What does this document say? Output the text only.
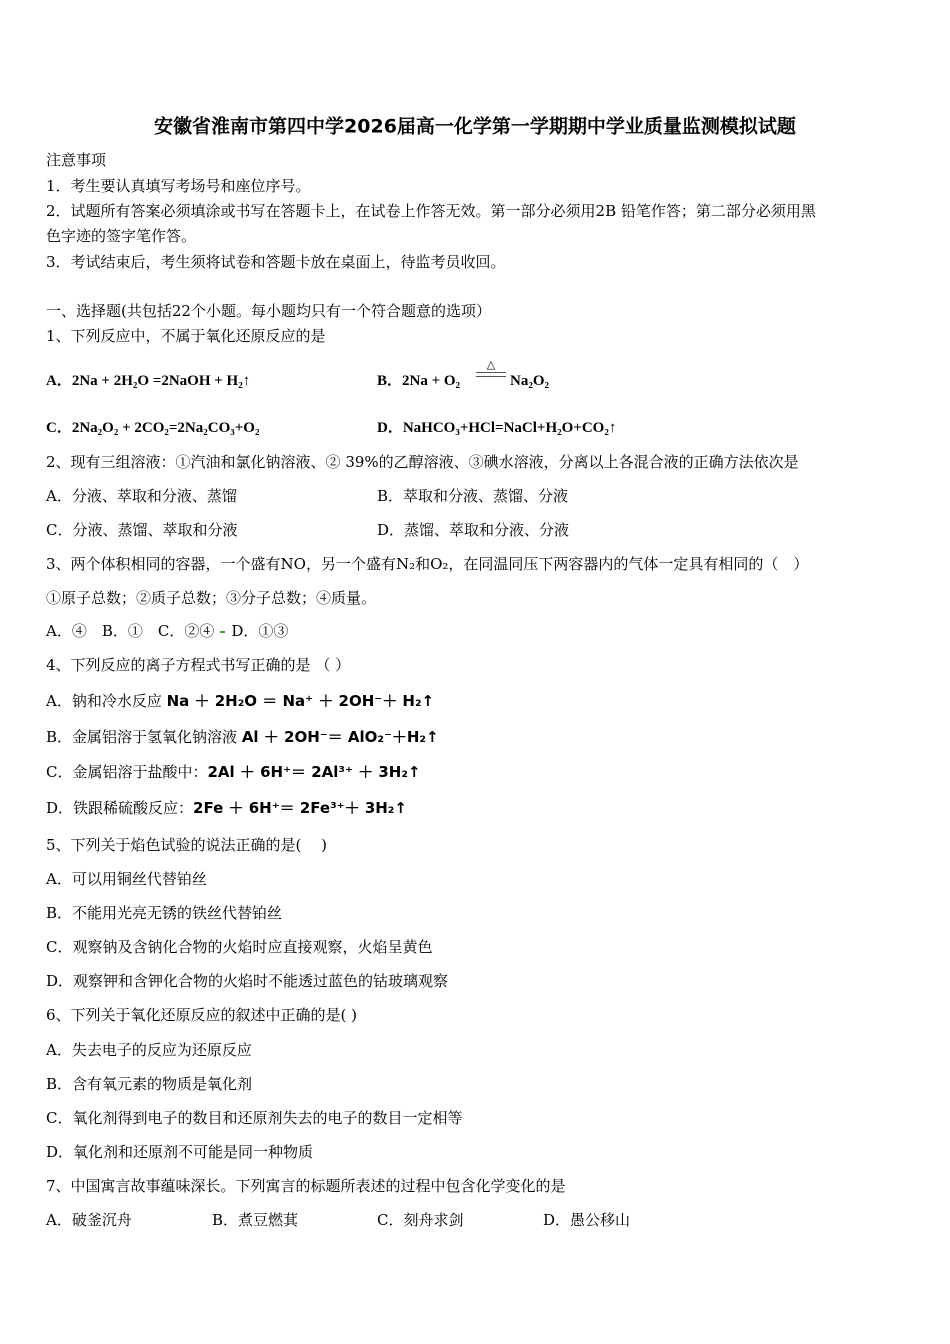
安徽省淮南市第四中学2026届高一化学第一学期期中学业质量监测模拟试题
注意事项
1．考生要认真填写考场号和座位序号。
2．试题所有答案必须填涂或书写在答题卡上，在试卷上作答无效。第一部分必须用2B 铅笔作答；第二部分必须用黑
色字迹的签字笔作答。
3．考试结束后，考生须将试卷和答题卡放在桌面上，待监考员收回。
一、选择题(共包括22个小题。每小题均只有一个符合题意的选项）
1、下列反应中，不属于氧化还原反应的是
A．2Na + 2H₂O =2NaOH + H₂↑	B．2Na + O₂
△
Na₂O₂
C．2Na₂O₂ + 2CO₂=2Na₂CO₃+O₂	D．NaHCO₃+HCl=NaCl+H₂O+CO₂↑
2、现有三组溶液：①汽油和氯化钠溶液、② 39%的乙醇溶液、③碘水溶液，分离以上各混合液的正确方法依次是
A．分液、萃取和分液、蒸馏	B．萃取和分液、蒸馏、分液
C．分液、蒸馏、萃取和分液	D．蒸馏、萃取和分液、分液
3、两个体积相同的容器，一个盛有NO，另一个盛有N₂和O₂，在同温同压下两容器内的气体一定具有相同的（　）
①原子总数；②质子总数；③分子总数；④质量。
A．④　B．①　C．②④ D．①③
4、下列反应的离子方程式书写正确的是 （ ）
A．钠和冷水反应 Na ＋ 2H₂O ＝ Na⁺ ＋ 2OH⁻＋ H₂↑
B．金属铝溶于氢氧化钠溶液 Al ＋ 2OH⁻＝ AlO₂⁻＋H₂↑
C．金属铝溶于盐酸中：2Al ＋ 6H⁺＝ 2Al³⁺ ＋ 3H₂↑
D．铁跟稀硫酸反应：2Fe ＋ 6H⁺＝ 2Fe³⁺＋ 3H₂↑
5、下列关于焰色试验的说法正确的是(　 )
A．可以用铜丝代替铂丝
B．不能用光亮无锈的铁丝代替铂丝
C．观察钠及含钠化合物的火焰时应直接观察，火焰呈黄色
D．观察钾和含钾化合物的火焰时不能透过蓝色的钴玻璃观察
6、下列关于氧化还原反应的叙述中正确的是( )
A．失去电子的反应为还原反应
B．含有氧元素的物质是氧化剂
C．氧化剂得到电子的数目和还原剂失去的电子的数目一定相等
D．氧化剂和还原剂不可能是同一种物质
7、中国寓言故事蕴味深长。下列寓言的标题所表述的过程中包含化学变化的是
A．破釜沉舟	B．煮豆燃萁	C．刻舟求剑	D．愚公移山
